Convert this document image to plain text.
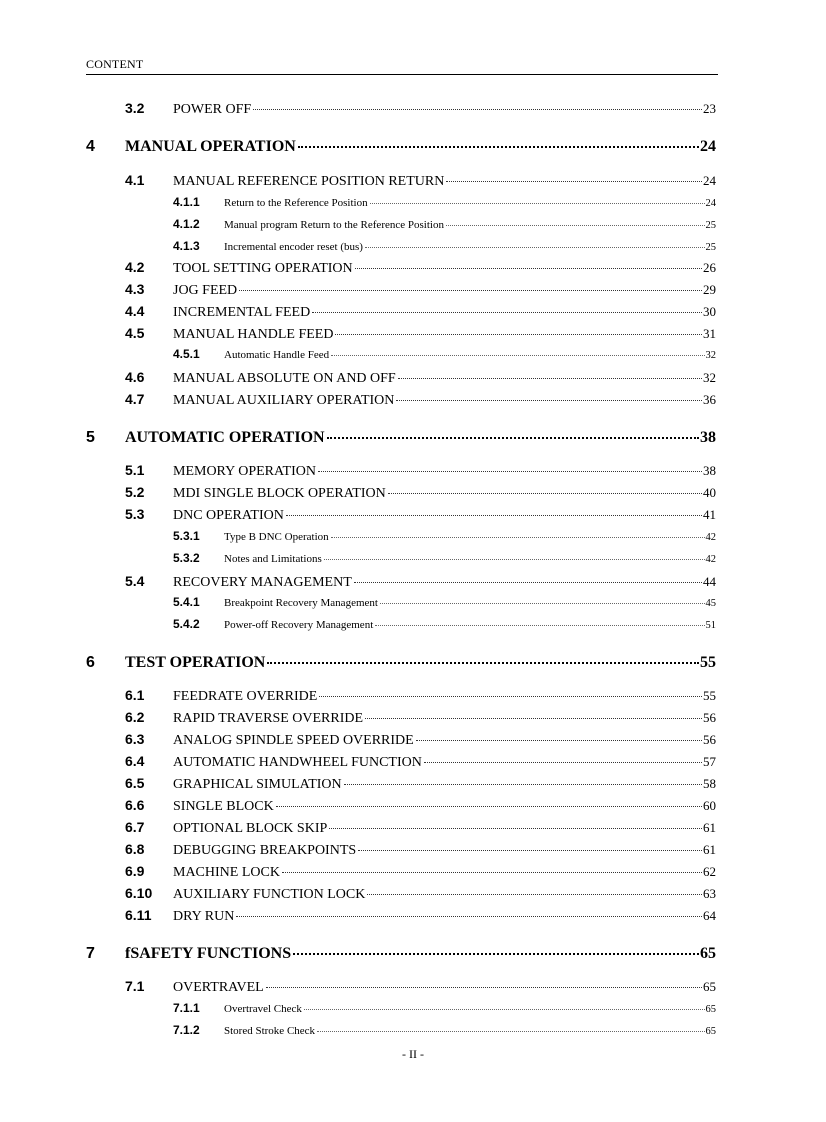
CONTENT
3.2	POWER OFF	23
4	MANUAL OPERATION	24
4.1	MANUAL REFERENCE POSITION RETURN	24
4.1.1	Return to the Reference Position	24
4.1.2	Manual program Return to the Reference Position	25
4.1.3	Incremental encoder reset (bus)	25
4.2	TOOL SETTING OPERATION	26
4.3	JOG FEED	29
4.4	INCREMENTAL FEED	30
4.5	MANUAL HANDLE FEED	31
4.5.1	Automatic Handle Feed	32
4.6	MANUAL ABSOLUTE ON AND OFF	32
4.7	MANUAL AUXILIARY OPERATION	36
5	AUTOMATIC OPERATION	38
5.1	MEMORY OPERATION	38
5.2	MDI SINGLE BLOCK OPERATION	40
5.3	DNC OPERATION	41
5.3.1	Type B DNC Operation	42
5.3.2	Notes and Limitations	42
5.4	RECOVERY MANAGEMENT	44
5.4.1	Breakpoint Recovery Management	45
5.4.2	Power-off Recovery Management	51
6	TEST OPERATION	55
6.1	FEEDRATE OVERRIDE	55
6.2	RAPID TRAVERSE OVERRIDE	56
6.3	ANALOG SPINDLE SPEED OVERRIDE	56
6.4	AUTOMATIC HANDWHEEL FUNCTION	57
6.5	GRAPHICAL SIMULATION	58
6.6	SINGLE BLOCK	60
6.7	OPTIONAL BLOCK SKIP	61
6.8	DEBUGGING BREAKPOINTS	61
6.9	MACHINE LOCK	62
6.10	AUXILIARY FUNCTION LOCK	63
6.11	DRY RUN	64
7	fSAFETY FUNCTIONS	65
7.1	OVERTRAVEL	65
7.1.1	Overtravel Check	65
7.1.2	Stored Stroke Check	65
- II -
